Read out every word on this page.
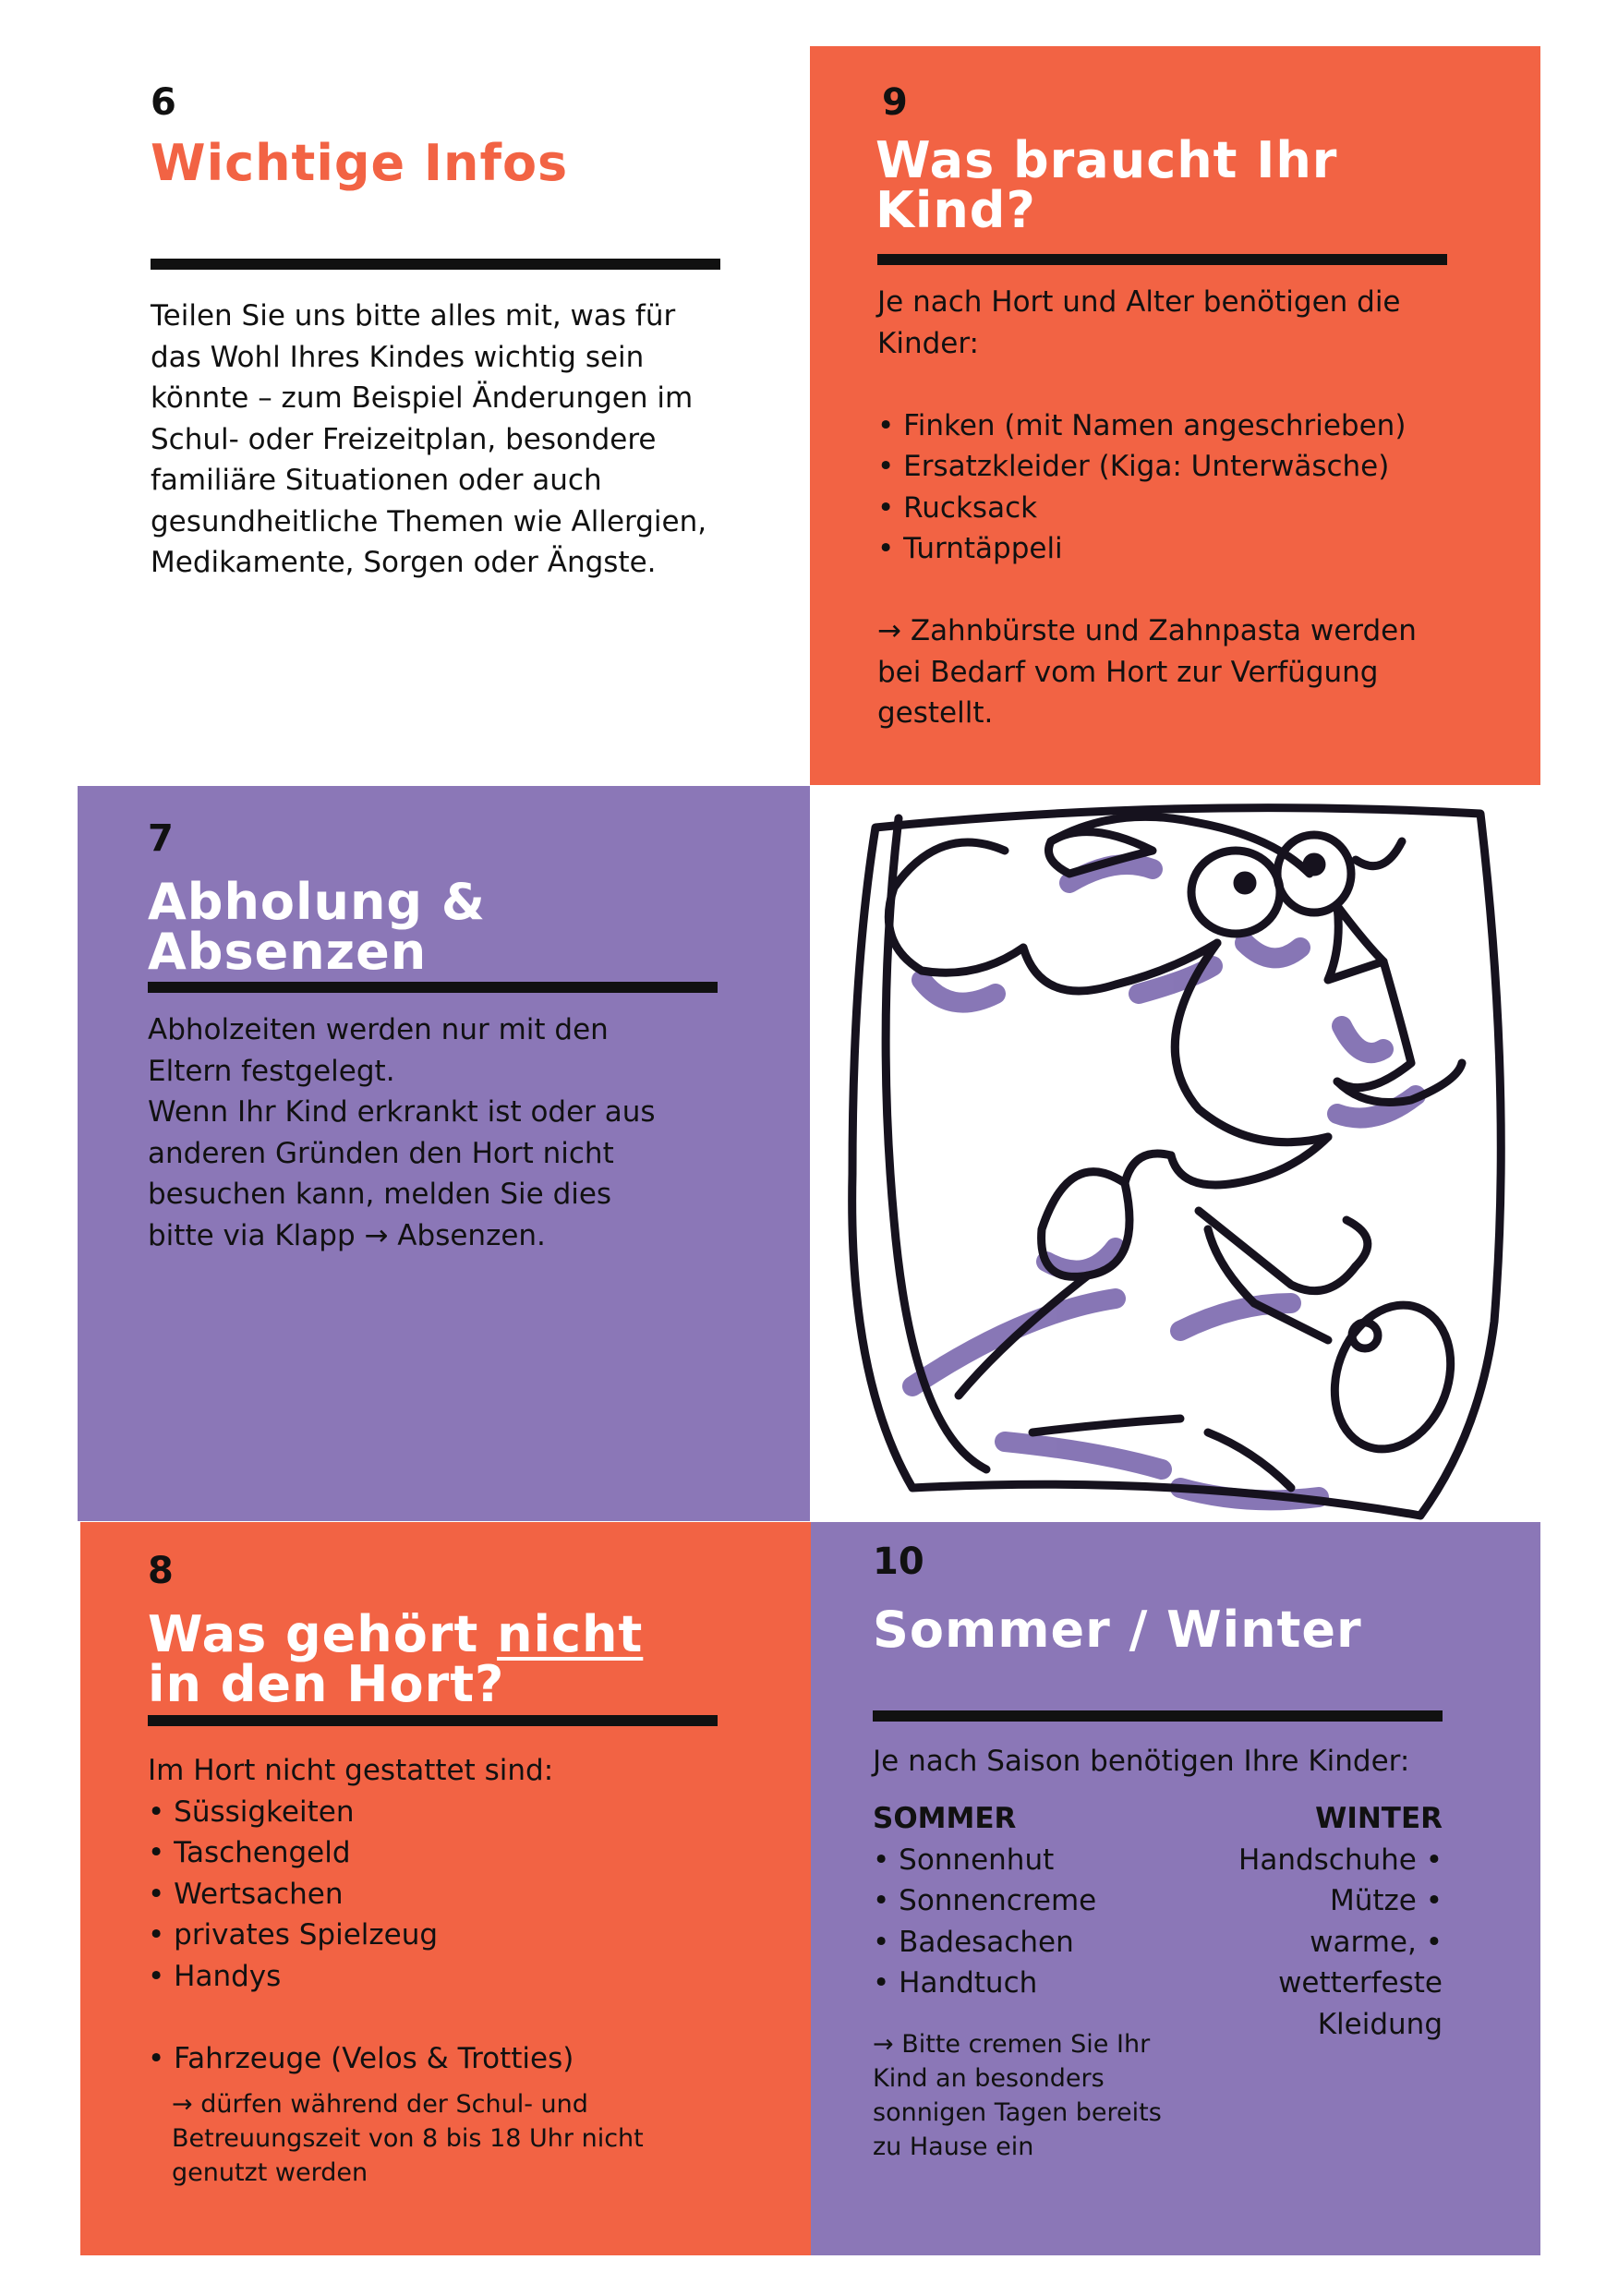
6
Wichtige Infos
Teilen Sie uns bitte alles mit, was für
das Wohl Ihres Kindes wichtig sein
könnte – zum Beispiel Änderungen im
Schul- oder Freizeitplan, besondere
familiäre Situationen oder auch
gesundheitliche Themen wie Allergien,
Medikamente, Sorgen oder Ängste.
9
Was braucht Ihr
Kind?
Je nach Hort und Alter benötigen die
Kinder:

• Finken (mit Namen angeschrieben)
• Ersatzkleider (Kiga: Unterwäsche)
• Rucksack
• Turntäppeli

→ Zahnbürste und Zahnpasta werden
bei Bedarf vom Hort zur Verfügung
gestellt.
7
Abholung &
Absenzen
Abholzeiten werden nur mit den
Eltern festgelegt.
Wenn Ihr Kind erkrankt ist oder aus
anderen Gründen den Hort nicht
besuchen kann, melden Sie dies
bitte via Klapp → Absenzen.
8
Was gehört nicht
in den Hort?
Im Hort nicht gestattet sind:
• Süssigkeiten
• Taschengeld
• Wertsachen
• privates Spielzeug
• Handys

• Fahrzeuge (Velos & Trotties)
→ dürfen während der Schul- und
Betreuungszeit von 8 bis 18 Uhr nicht
genutzt werden
10
Sommer / Winter
Je nach Saison benötigen Ihre Kinder:
SOMMER
• Sonnenhut
• Sonnencreme
• Badesachen
• Handtuch
WINTER
Handschuhe •
Mütze •
warme, •
wetterfeste
Kleidung
→ Bitte cremen Sie Ihr
Kind an besonders
sonnigen Tagen bereits
zu Hause ein
